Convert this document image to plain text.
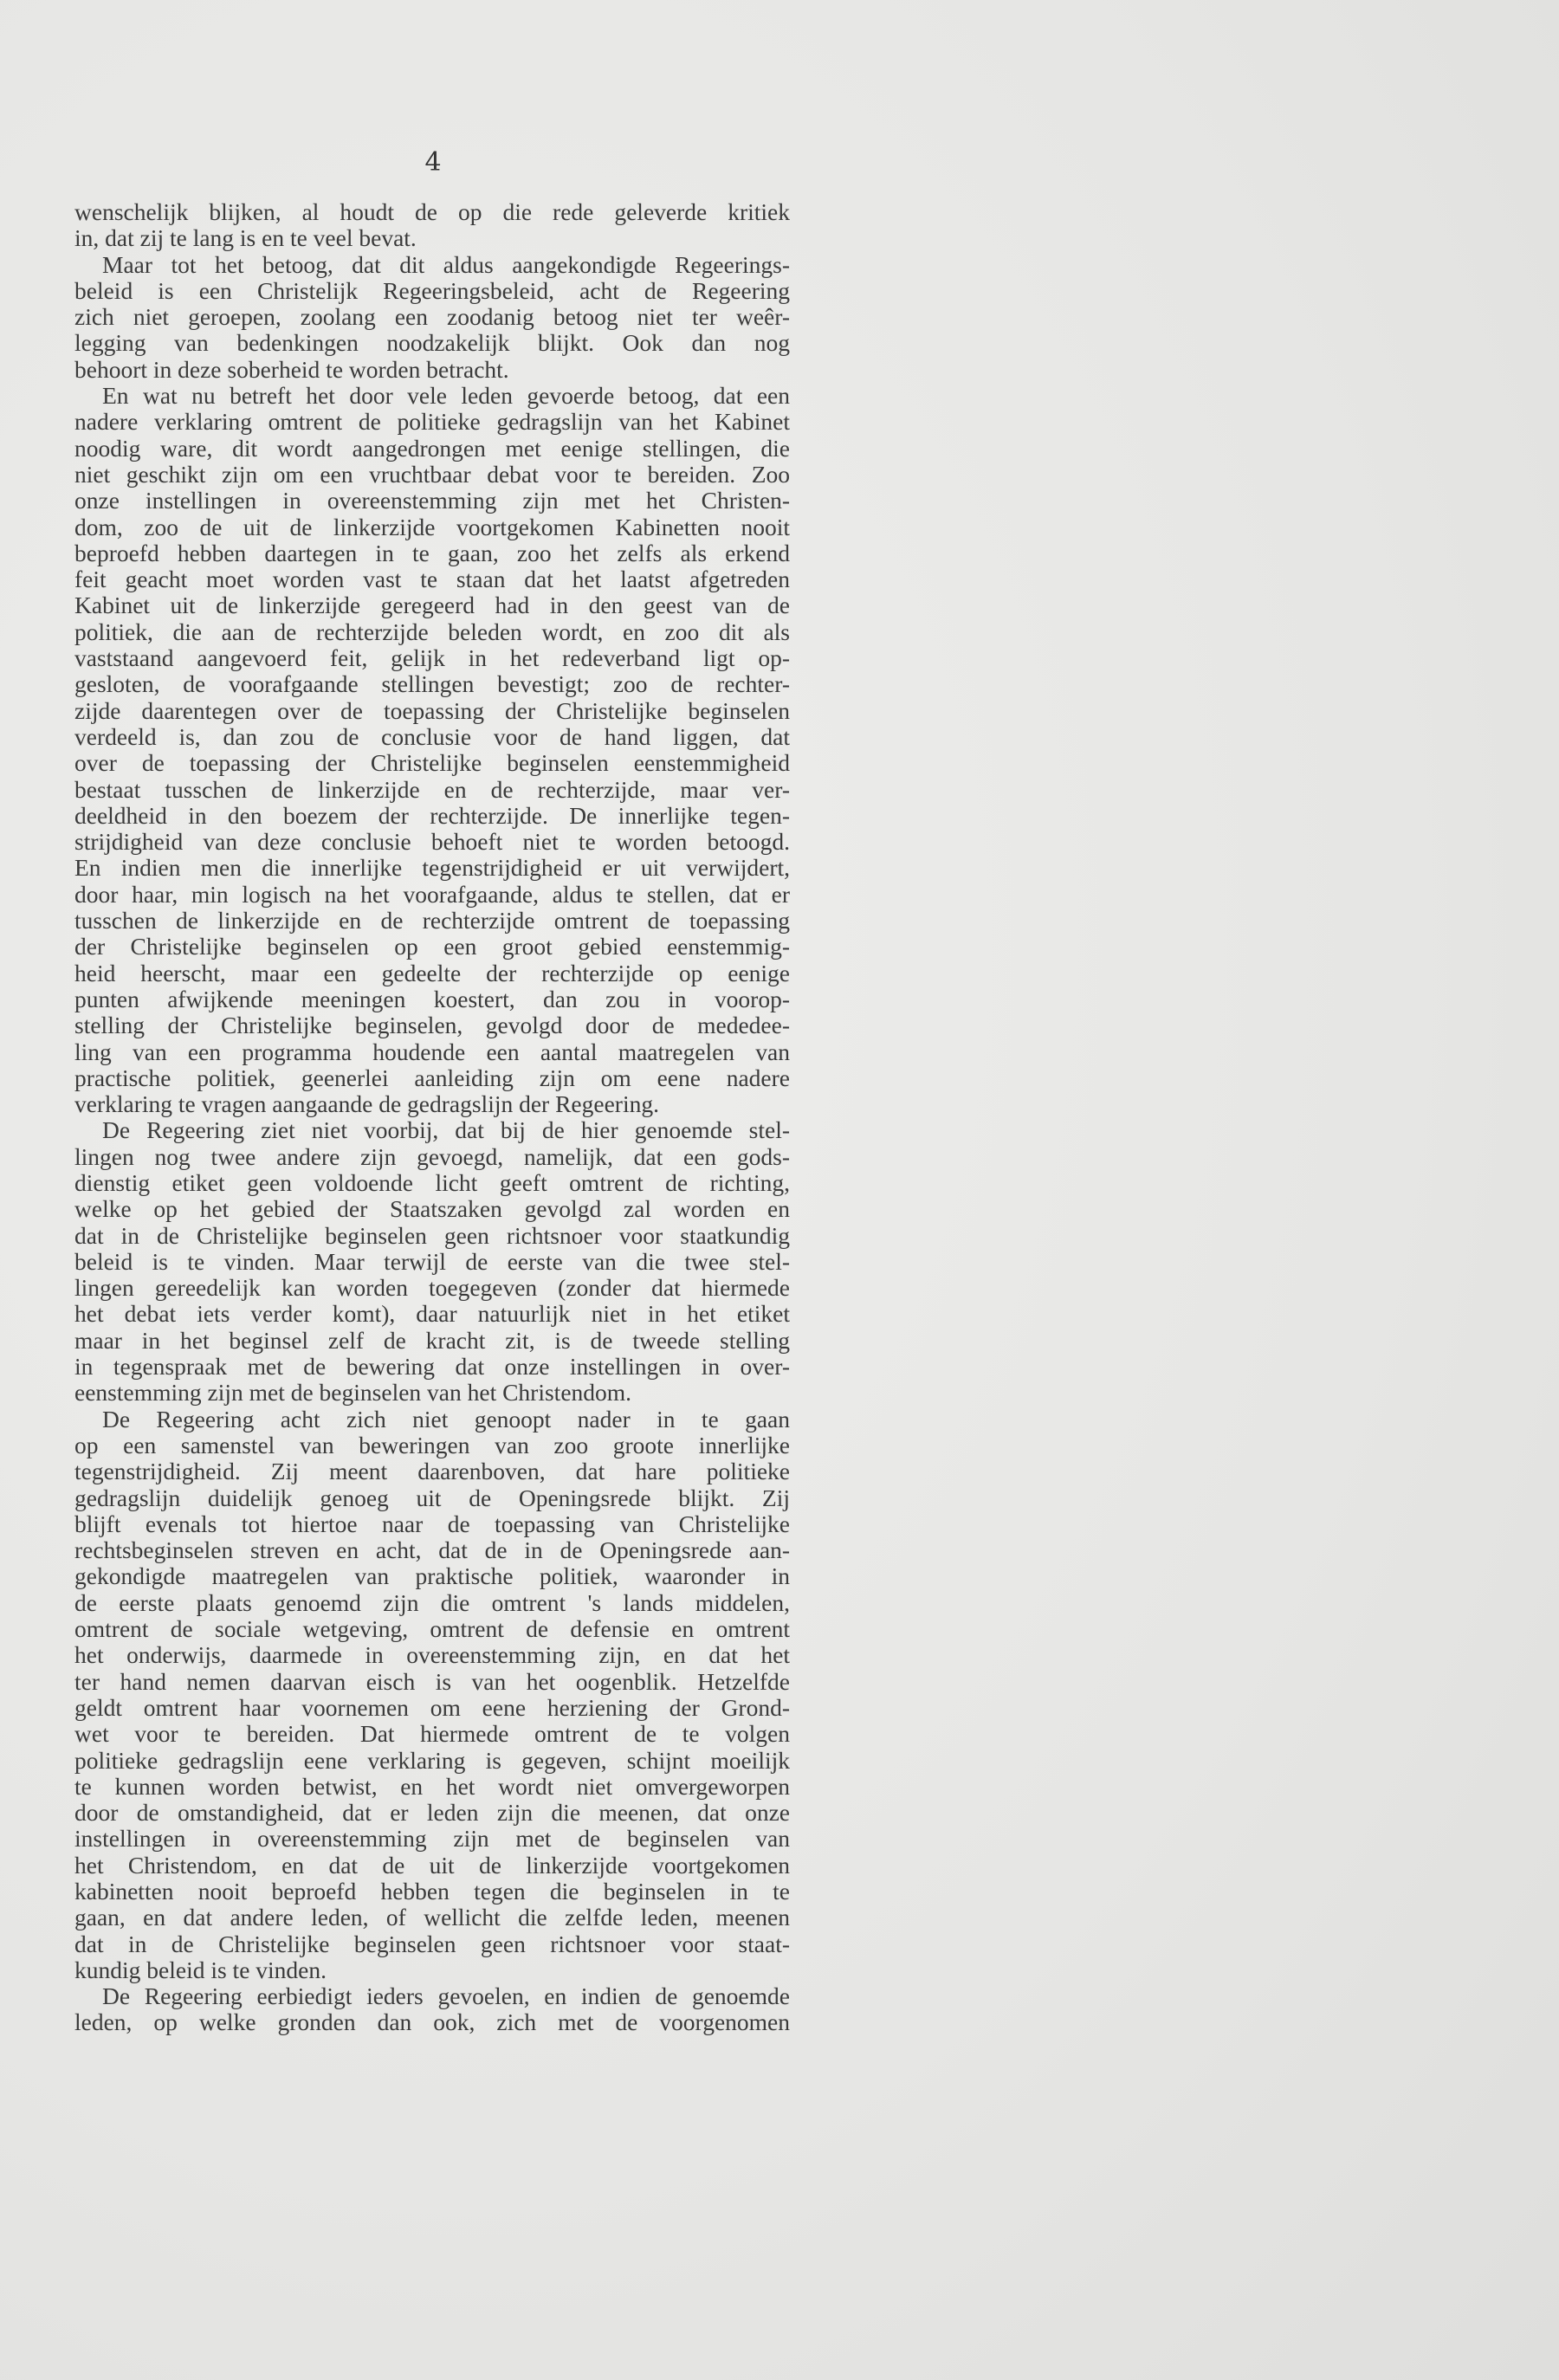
4
wenschelijk blijken, al houdt de op die rede geleverde kritiek
in, dat zij te lang is en te veel bevat.
Maar tot het betoog, dat dit aldus aangekondigde Regeerings-
beleid is een Christelijk Regeeringsbeleid, acht de Regeering
zich niet geroepen, zoolang een zoodanig betoog niet ter weêr-
legging van bedenkingen noodzakelijk blijkt. Ook dan nog
behoort in deze soberheid te worden betracht.
En wat nu betreft het door vele leden gevoerde betoog, dat een
nadere verklaring omtrent de politieke gedragslijn van het Kabinet
noodig ware, dit wordt aangedrongen met eenige stellingen, die
niet geschikt zijn om een vruchtbaar debat voor te bereiden. Zoo
onze instellingen in overeenstemming zijn met het Christen-
dom, zoo de uit de linkerzijde voortgekomen Kabinetten nooit
beproefd hebben daartegen in te gaan, zoo het zelfs als erkend
feit geacht moet worden vast te staan dat het laatst afgetreden
Kabinet uit de linkerzijde geregeerd had in den geest van de
politiek, die aan de rechterzijde beleden wordt, en zoo dit als
vaststaand aangevoerd feit, gelijk in het redeverband ligt op-
gesloten, de voorafgaande stellingen bevestigt; zoo de rechter-
zijde daarentegen over de toepassing der Christelijke beginselen
verdeeld is, dan zou de conclusie voor de hand liggen, dat
over de toepassing der Christelijke beginselen eenstemmigheid
bestaat tusschen de linkerzijde en de rechterzijde, maar ver-
deeldheid in den boezem der rechterzijde. De innerlijke tegen-
strijdigheid van deze conclusie behoeft niet te worden betoogd.
En indien men die innerlijke tegenstrijdigheid er uit verwijdert,
door haar, min logisch na het voorafgaande, aldus te stellen, dat er
tusschen de linkerzijde en de rechterzijde omtrent de toepassing
der Christelijke beginselen op een groot gebied eenstemmig-
heid heerscht, maar een gedeelte der rechterzijde op eenige
punten afwijkende meeningen koestert, dan zou in voorop-
stelling der Christelijke beginselen, gevolgd door de mededee-
ling van een programma houdende een aantal maatregelen van
practische politiek, geenerlei aanleiding zijn om eene nadere
verklaring te vragen aangaande de gedragslijn der Regeering.
De Regeering ziet niet voorbij, dat bij de hier genoemde stel-
lingen nog twee andere zijn gevoegd, namelijk, dat een gods-
dienstig etiket geen voldoende licht geeft omtrent de richting,
welke op het gebied der Staatszaken gevolgd zal worden en
dat in de Christelijke beginselen geen richtsnoer voor staatkundig
beleid is te vinden. Maar terwijl de eerste van die twee stel-
lingen gereedelijk kan worden toegegeven (zonder dat hiermede
het debat iets verder komt), daar natuurlijk niet in het etiket
maar in het beginsel zelf de kracht zit, is de tweede stelling
in tegenspraak met de bewering dat onze instellingen in over-
eenstemming zijn met de beginselen van het Christendom.
De Regeering acht zich niet genoopt nader in te gaan
op een samenstel van beweringen van zoo groote innerlijke
tegenstrijdigheid. Zij meent daarenboven, dat hare politieke
gedragslijn duidelijk genoeg uit de Openingsrede blijkt. Zij
blijft evenals tot hiertoe naar de toepassing van Christelijke
rechtsbeginselen streven en acht, dat de in de Openingsrede aan-
gekondigde maatregelen van praktische politiek, waaronder in
de eerste plaats genoemd zijn die omtrent 's lands middelen,
omtrent de sociale wetgeving, omtrent de defensie en omtrent
het onderwijs, daarmede in overeenstemming zijn, en dat het
ter hand nemen daarvan eisch is van het oogenblik. Hetzelfde
geldt omtrent haar voornemen om eene herziening der Grond-
wet voor te bereiden. Dat hiermede omtrent de te volgen
politieke gedragslijn eene verklaring is gegeven, schijnt moeilijk
te kunnen worden betwist, en het wordt niet omvergeworpen
door de omstandigheid, dat er leden zijn die meenen, dat onze
instellingen in overeenstemming zijn met de beginselen van
het Christendom, en dat de uit de linkerzijde voortgekomen
kabinetten nooit beproefd hebben tegen die beginselen in te
gaan, en dat andere leden, of wellicht die zelfde leden, meenen
dat in de Christelijke beginselen geen richtsnoer voor staat-
kundig beleid is te vinden.
De Regeering eerbiedigt ieders gevoelen, en indien de genoemde
leden, op welke gronden dan ook, zich met de voorgenomen
